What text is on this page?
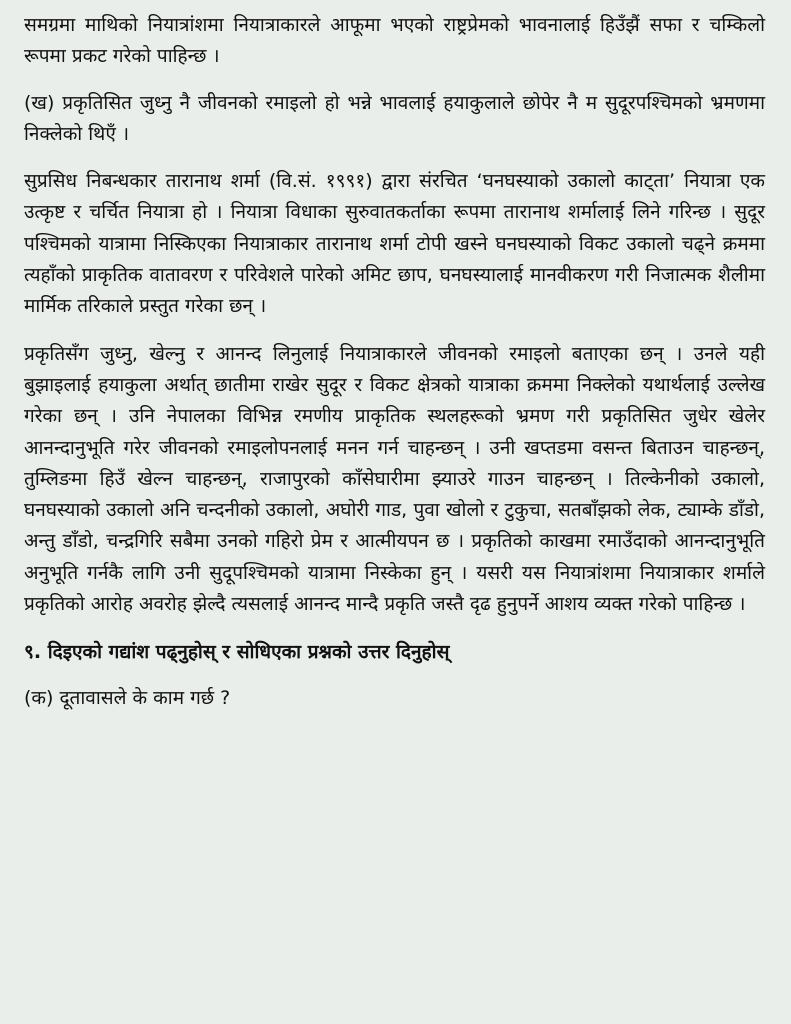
समग्रमा माथिको नियात्रांशमा नियात्राकारले आफूमा भएको राष्ट्रप्रेमको भावनालाई हिउँझैं सफा र चम्किलो रूपमा प्रकट गरेको पाहिन्छ ।

(ख) प्रकृतिसित जुध्नु नै जीवनको रमाइलो हो भन्ने भावलाई हयाकुलाले छोपेर नै म सुदूरपश्चिमको भ्रमणमा निक्लेको थिएँ ।

सुप्रसिध निबन्धकार तारानाथ शर्मा (वि.सं. १९९१) द्वारा संरचित ‘घनघस्याको उकालो काट्ता’ नियात्रा एक उत्कृष्ट र चर्चित नियात्रा हो । नियात्रा विधाका सुरुवातकर्ताका रूपमा तारानाथ शर्मालाई लिने गरिन्छ । सुदूर पश्चिमको यात्रामा निस्किएका नियात्राकार तारानाथ शर्मा टोपी खस्ने घनघस्याको विकट उकालो चढ्ने क्रममा त्यहाँको प्राकृतिक वातावरण र परिवेशले पारेको अमिट छाप, घनघस्यालाई मानवीकरण गरी निजात्मक शैलीमा मार्मिक तरिकाले प्रस्तुत गरेका छन् ।

प्रकृतिसँग जुध्नु, खेल्नु र आनन्द लिनुलाई नियात्राकारले जीवनको रमाइलो बताएका छन् । उनले यही बुझाइलाई हयाकुला अर्थात् छातीमा राखेर सुदूर र विकट क्षेत्रको यात्राका क्रममा निक्लेको यथार्थलाई उल्लेख गरेका छन् । उनि नेपालका विभिन्न रमणीय प्राकृतिक स्थलहरूको भ्रमण गरी प्रकृतिसित जुधेर खेलेर आनन्दानुभूति गरेर जीवनको रमाइलोपनलाई मनन गर्न चाहन्छन् । उनी खप्तडमा वसन्त बिताउन चाहन्छन्, तुम्लिङमा हिउँ खेल्न चाहन्छन्, राजापुरको काँसेघारीमा झ्याउरे गाउन चाहन्छन् । तिल्केनीको उकालो, घनघस्याको उकालो अनि चन्दनीको उकालो, अघोरी गाड, पुवा खोलो र टुकुचा, सतबाँझको लेक, ट्याम्के डाँडो, अन्तु डाँडो, चन्द्रगिरि सबैमा उनको गहिरो प्रेम र आत्मीयपन छ । प्रकृतिको काखमा रमाउँदाको आनन्दानुभूति अनुभूति गर्नकै लागि उनी सुदूपश्चिमको यात्रामा निस्केका हुन् । यसरी यस नियात्रांशमा नियात्राकार शर्माले प्रकृतिको आरोह अवरोह झेल्दै त्यसलाई आनन्द मान्दै प्रकृति जस्तै दृढ हुनुपर्ने आशय व्यक्त गरेको पाहिन्छ ।

९. दिइएको गद्यांश पढ्नुहोस् र सोधिएका प्रश्नको उत्तर दिनुहोस्

(क) दूतावासले के काम गर्छ ?
